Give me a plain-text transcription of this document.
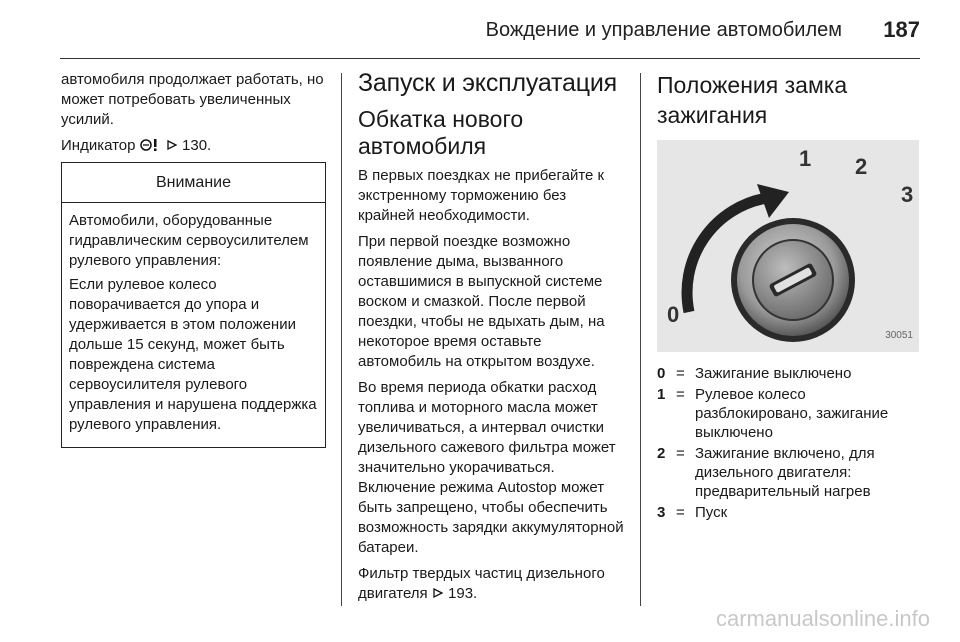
Вождение и управление автомобилем 187

автомобиля продолжает работать, но может потребовать увеличенных усилий.

Индикатор	130.

Внимание

Автомобили, оборудованные гидравлическим сервоусилителем рулевого управления:

Если рулевое колесо поворачивается до упора и удерживается в этом положении дольше 15 секунд, может быть повреждена система сервоусилителя рулевого управления и нарушена поддержка рулевого управления.

Запуск и эксплуатация
Обкатка нового автомобиля

В первых поездках не прибегайте к экстренному торможению без крайней необходимости.

При первой поездке возможно появление дыма, вызванного оставшимися в выпускной системе воском и смазкой. После первой поездки, чтобы не вдыхать дым, на некоторое время оставьте автомобиль на открытом воздухе.

Во время периода обкатки расход топлива и моторного масла может увеличиваться, а интервал очистки дизельного сажевого фильтра может значительно укорачиваться. Включение режима Autostop может быть запрещено, чтобы обеспечить возможность зарядки аккумуляторной батареи.

Фильтр твердых частиц дизельного двигателя 193.

Положения замка зажигания
0
1 2
3
30051
0 = Зажигание выключено
1 = Рулевое колесо разблокировано, зажигание выключено
2 = Зажигание включено, для дизельного двигателя: предварительный нагрев
3 = Пуск
carmanualsonline.info
